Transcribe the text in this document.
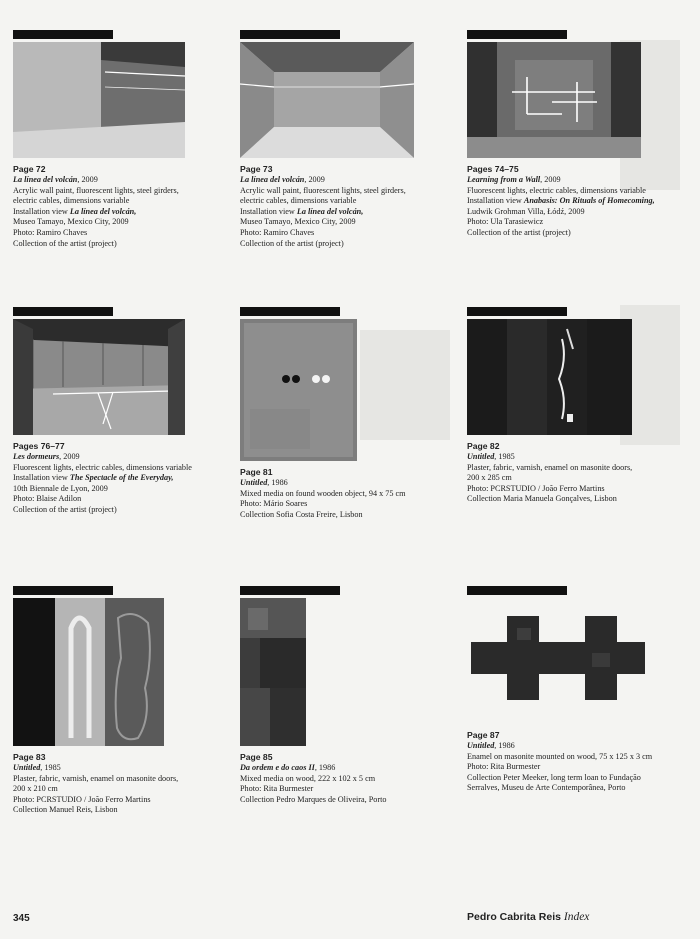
Page 72
La línea del volcán, 2009
Acrylic wall paint, fluorescent lights, steel girders,
electric cables, dimensions variable
Installation view La línea del volcán,
Museo Tamayo, Mexico City, 2009
Photo: Ramiro Chaves
Collection of the artist (project)
Page 73
La línea del volcán, 2009
Acrylic wall paint, fluorescent lights, steel girders,
electric cables, dimensions variable
Installation view La línea del volcán,
Museo Tamayo, Mexico City, 2009
Photo: Ramiro Chaves
Collection of the artist (project)
Pages 74–75
Learning from a Wall, 2009
Fluorescent lights, electric cables, dimensions variable
Installation view Anabasis: On Rituals of Homecoming,
Ludwik Grohman Villa, Łódź, 2009
Photo: Ula Tarasiewicz
Collection of the artist (project)
Pages 76–77
Les dormeurs, 2009
Fluorescent lights, electric cables, dimensions variable
Installation view The Spectacle of the Everyday,
10th Biennale de Lyon, 2009
Photo: Blaise Adilon
Collection of the artist (project)
Page 81
Untitled, 1986
Mixed media on found wooden object, 94 x 75 cm
Photo: Mário Soares
Collection Sofia Costa Freire, Lisbon
Page 82
Untitled, 1985
Plaster, fabric, varnish, enamel on masonite doors,
200 x 285 cm
Photo: PCRSTUDIO / João Ferro Martins
Collection Maria Manuela Gonçalves, Lisbon
Page 83
Untitled, 1985
Plaster, fabric, varnish, enamel on masonite doors,
200 x 210 cm
Photo: PCRSTUDIO / João Ferro Martins
Collection Manuel Reis, Lisbon
Page 85
Da ordem e do caos II, 1986
Mixed media on wood, 222 x 102 x 5 cm
Photo: Rita Burmester
Collection Pedro Marques de Oliveira, Porto
Page 87
Untitled, 1986
Enamel on masonite mounted on wood, 75 x 125 x 3 cm
Photo: Rita Burmester
Collection Peter Meeker, long term loan to Fundação
Serralves, Museu de Arte Contemporânea, Porto
345	Pedro Cabrita Reis Index
